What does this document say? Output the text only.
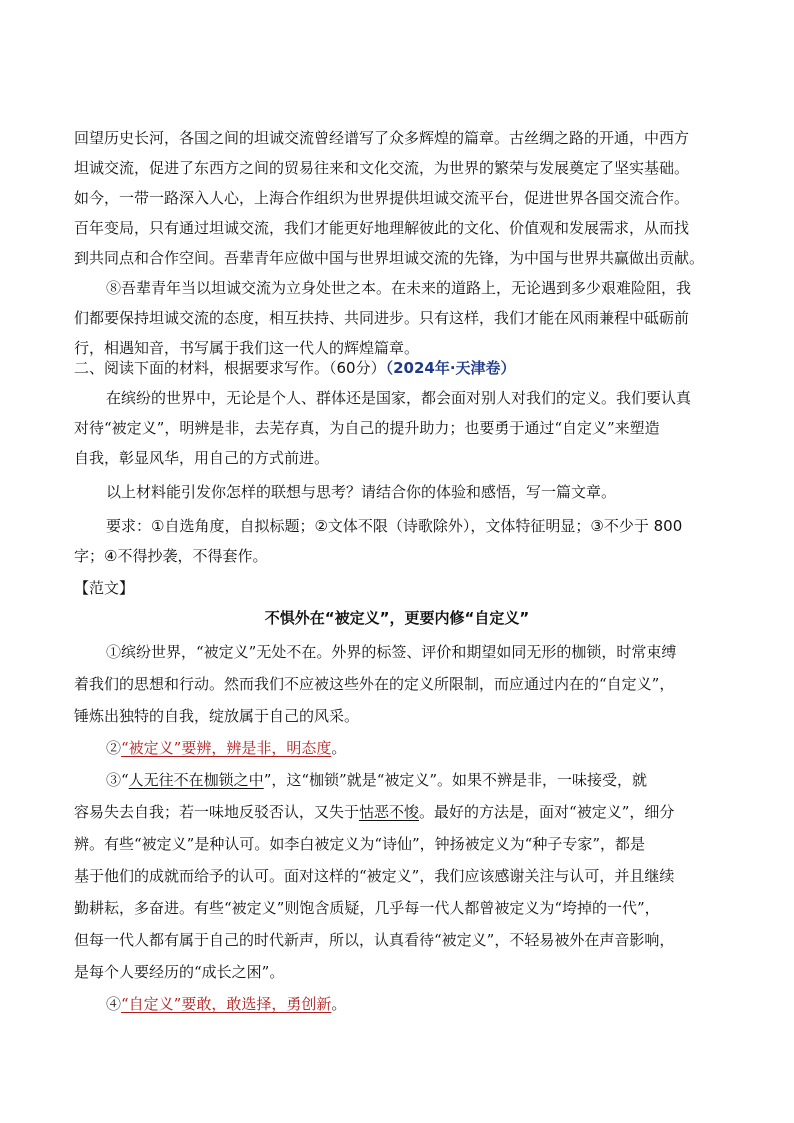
回望历史长河，各国之间的坦诚交流曾经谱写了众多辉煌的篇章。古丝绸之路的开通，中西方
坦诚交流，促进了东西方之间的贸易往来和文化交流，为世界的繁荣与发展奠定了坚实基础。
如今，一带一路深入人心，上海合作组织为世界提供坦诚交流平台，促进世界各国交流合作。
百年变局，只有通过坦诚交流，我们才能更好地理解彼此的文化、价值观和发展需求，从而找
到共同点和合作空间。吾辈青年应做中国与世界坦诚交流的先锋，为中国与世界共赢做出贡献。
⑧吾辈青年当以坦诚交流为立身处世之本。在未来的道路上，无论遇到多少艰难险阻，我
们都要保持坦诚交流的态度，相互扶持、共同进步。只有这样，我们才能在风雨兼程中砥砺前
行，相遇知音，书写属于我们这一代人的辉煌篇章。
二、阅读下面的材料，根据要求写作。（60分）（2024年·天津卷）
在缤纷的世界中，无论是个人、群体还是国家，都会面对别人对我们的定义。我们要认真
对待“被定义”，明辨是非，去芜存真，为自己的提升助力；也要勇于通过“自定义”来塑造
自我，彰显风华，用自己的方式前进。
以上材料能引发你怎样的联想与思考？请结合你的体验和感悟，写一篇文章。
要求：①自选角度，自拟标题；②文体不限（诗歌除外），文体特征明显；③不少于 800
字；④不得抄袭，不得套作。
【范文】
不惧外在“被定义”，更要内修“自定义”
①缤纷世界，“被定义”无处不在。外界的标签、评价和期望如同无形的枷锁，时常束缚
着我们的思想和行动。然而我们不应被这些外在的定义所限制，而应通过内在的“自定义”，
锤炼出独特的自我，绽放属于自己的风采。
②“被定义”要辨，辨是非，明态度。
③“人无往不在枷锁之中”，这“枷锁”就是“被定义”。如果不辨是非，一味接受，就
容易失去自我；若一味地反驳否认，又失于怙恶不悛。最好的方法是，面对“被定义”，细分
辨。有些“被定义”是种认可。如李白被定义为“诗仙”，钟扬被定义为“种子专家”，都是
基于他们的成就而给予的认可。面对这样的“被定义”，我们应该感谢关注与认可，并且继续
勤耕耘，多奋进。有些“被定义”则饱含质疑，几乎每一代人都曾被定义为“垮掉的一代”，
但每一代人都有属于自己的时代新声，所以，认真看待“被定义”，不轻易被外在声音影响，
是每个人要经历的“成长之困”。
④“自定义”要敢，敢选择，勇创新。
